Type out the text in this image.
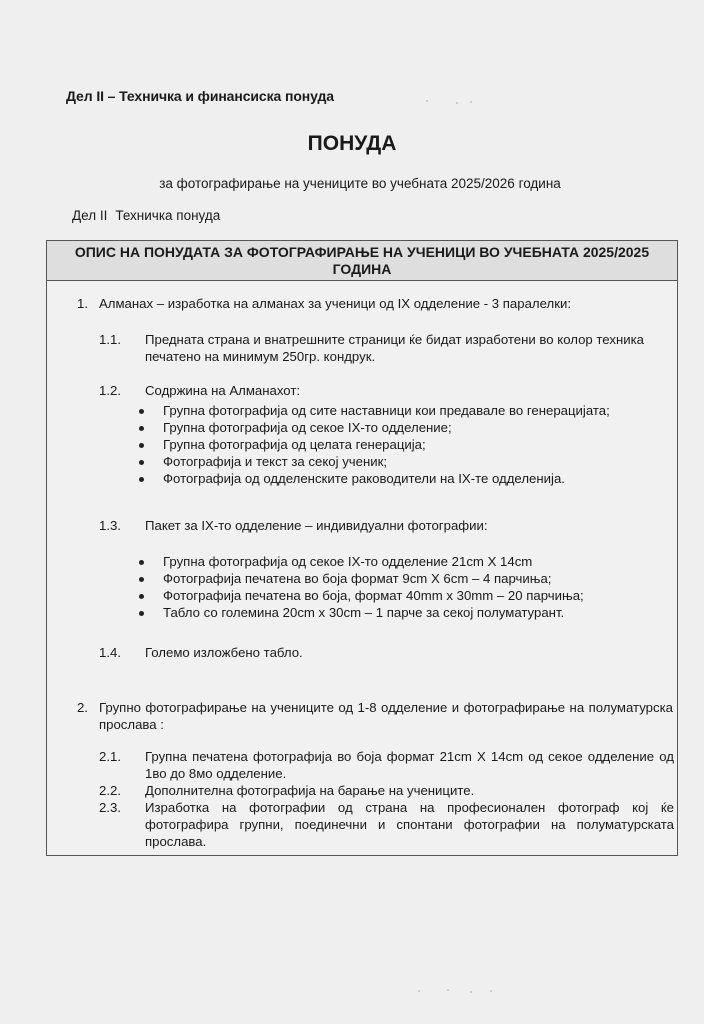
Дел II – Техничка и финансиска понуда
ПОНУДА
за фотографирање на учениците во учебната 2025/2026 година
Дел II Техничка понуда
ОПИС НА ПОНУДАТА ЗА ФОТОГРАФИРАЊЕ НА УЧЕНИЦИ ВО УЧЕБНАТА 2025/2025
ГОДИНА
1. Алманах – изработка на алманах за ученици од IX одделение - 3 паралелки:
1.1. Предната страна и внатрешните страници ќе бидат изработени во колор техника печатено на минимум 250гр. кондрук.
1.2. Содржина на Алманахот:
Групна фотографија од сите наставници кои предавале во генерацијата;
Групна фотографија од секое IX-то одделение;
Групна фотографија од целата генерација;
Фотографија и текст за секој ученик;
Фотографија од одделенските раководители на IX-те одделенија.
1.3. Пакет за IX-то одделение – индивидуални фотографии:
Групна фотографија од секое IX-то одделение 21cm X 14cm
Фотографија печатена во боја формат 9cm X 6cm – 4 парчиња;
Фотографија печатена во боја, формат 40mm x 30mm – 20 парчиња;
Табло со големина 20cm x 30cm – 1 парче за секој полуматурант.
1.4. Големо изложбено табло.
2. Групно фотографирање на учениците од 1-8 одделение и фотографирање на полуматурска прослава :
2.1. Групна печатена фотографија во боја формат 21cm X 14cm од секое одделение од 1во до 8мо одделение.
2.2. Дополнителна фотографија на барање на учениците.
2.3. Изработка на фотографии од страна на професионален фотограф кој ќе фотографира групни, поединечни и спонтани фотографии на полуматурската прослава.
